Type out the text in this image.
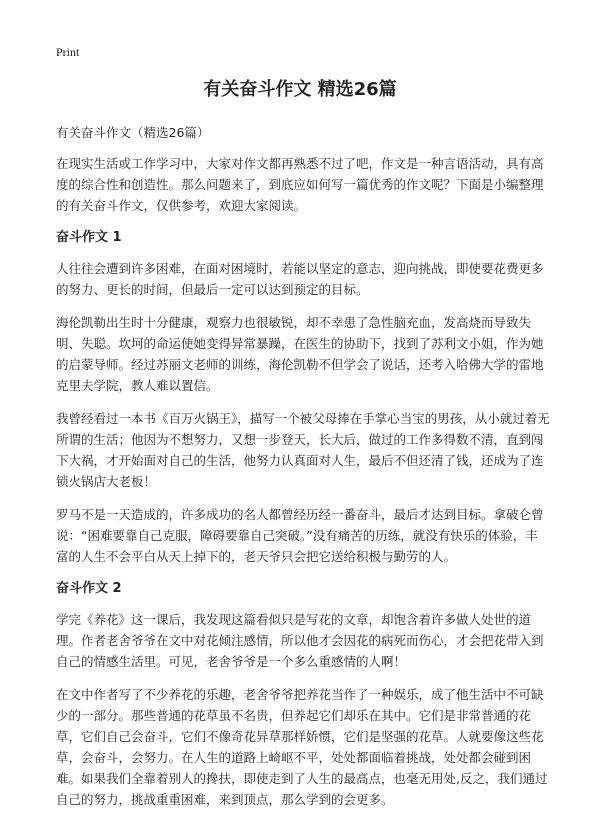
Print
有关奋斗作文 精选26篇

有关奋斗作文（精选26篇）

在现实生活或工作学习中，大家对作文都再熟悉不过了吧，作文是一种言语活动，具有高度的综合性和创造性。那么问题来了，到底应如何写一篇优秀的作文呢？下面是小编整理的有关奋斗作文，仅供参考，欢迎大家阅读。

奋斗作文 1

人往往会遭到许多困难，在面对困境时，若能以坚定的意志，迎向挑战，即使要花费更多的努力、更长的时间，但最后一定可以达到预定的目标。

海伦凯勒出生时十分健康，观察力也很敏锐，却不幸患了急性脑充血，发高烧而导致失明、失聪。坎坷的命运使她变得异常暴躁，在医生的协助下，找到了苏利文小姐，作为她的启蒙导师。经过苏丽文老师的训练，海伦凯勒不但学会了说话，还考入哈佛大学的雷地克里夫学院，教人难以置信。

我曾经看过一本书《百万火锅王》，描写一个被父母捧在手掌心当宝的男孩，从小就过着无所谓的生活；他因为不想努力，又想一步登天，长大后，做过的工作多得数不清，直到闯下大祸，才开始面对自己的生活，他努力认真面对人生，最后不但还清了钱，还成为了连锁火锅店大老板！

罗马不是一天造成的，许多成功的名人都曾经历经一番奋斗，最后才达到目标。拿破仑曾说：“困难要靠自己克服，障碍要靠自己突破。”没有痛苦的历练，就没有快乐的体验，丰富的人生不会平白从天上掉下的，老天爷只会把它送给积极与勤劳的人。

奋斗作文 2

学完《养花》这一课后，我发现这篇看似只是写花的文章，却饱含着许多做人处世的道理。作者老舍爷爷在文中对花倾注感情，所以他才会因花的病死而伤心，才会把花带入到自己的情感生活里。可见，老舍爷爷是一个多么重感情的人啊！

在文中作者写了不少养花的乐趣，老舍爷爷把养花当作了一种娱乐，成了他生活中不可缺少的一部分。那些普通的花草虽不名贵，但养起它们却乐在其中。它们是非常普通的花草，它们自己会奋斗，它们不像奇花异草那样娇惯，它们是坚强的花草。人就要像这些花草，会奋斗，会努力。在人生的道路上崎岖不平，处处都面临着挑战，处处都会碰到困难。如果我们全靠着别人的搀扶，即使走到了人生的最高点，也毫无用处,反之，我们通过自己的努力，挑战重重困难，来到顶点，那么学到的会更多。
